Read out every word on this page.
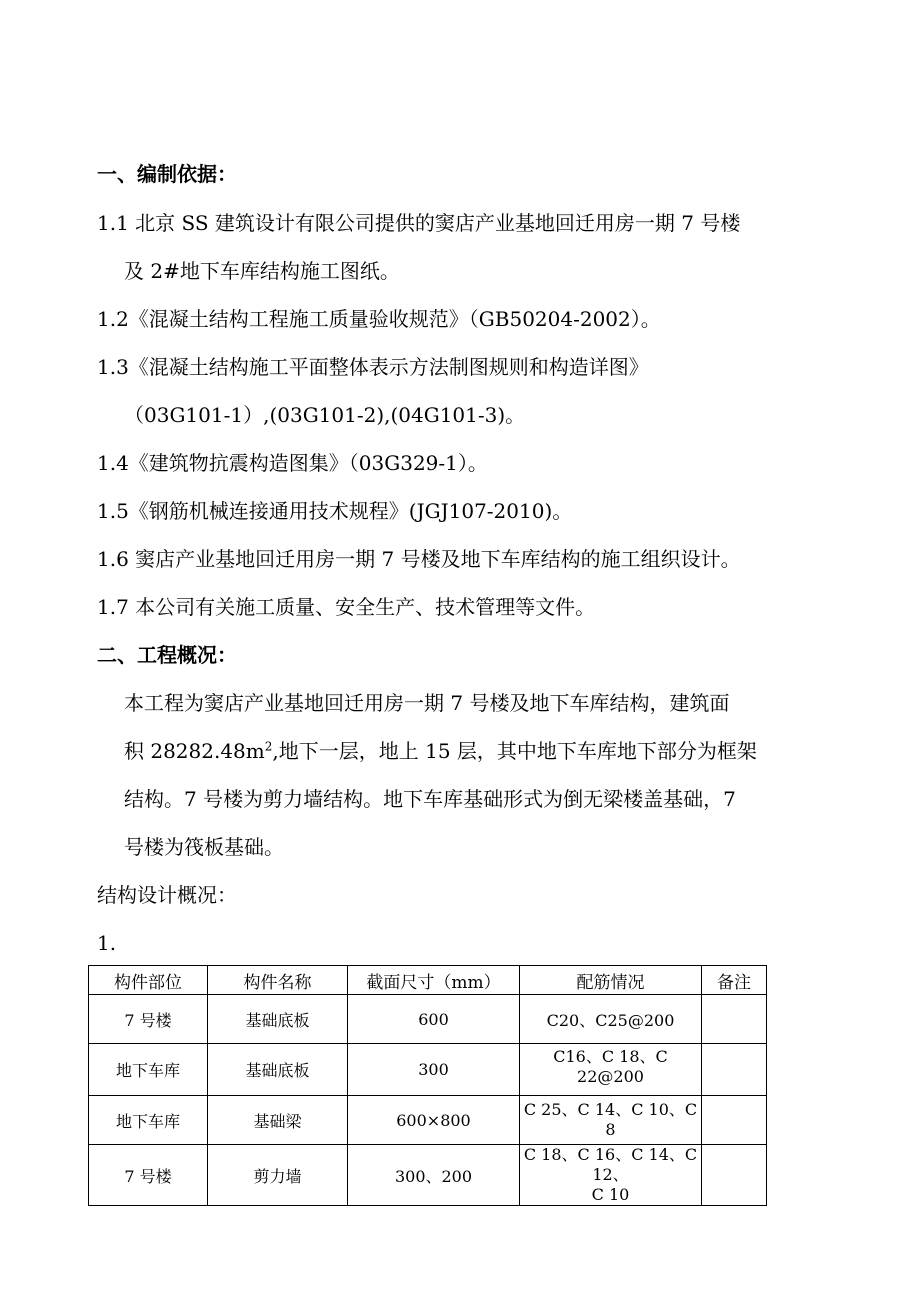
一、编制依据：
1.1 北京 SS 建筑设计有限公司提供的窦店产业基地回迁用房一期 7 号楼
及 2#地下车库结构施工图纸。
1.2《混凝土结构工程施工质量验收规范》（GB50204-2002）。
1.3《混凝土结构施工平面整体表示方法制图规则和构造详图》
（03G101-1）,(03G101-2),(04G101-3)。
1.4《建筑物抗震构造图集》（03G329-1）。
1.5《钢筋机械连接通用技术规程》(JGJ107-2010)。
1.6 窦店产业基地回迁用房一期 7 号楼及地下车库结构的施工组织设计。
1.7 本公司有关施工质量、安全生产、技术管理等文件。
二、工程概况：
本工程为窦店产业基地回迁用房一期 7 号楼及地下车库结构，建筑面
积 $28282.48m^2$,地下一层，地上 15 层，其中地下车库地下部分为框架
结构。7 号楼为剪力墙结构。地下车库基础形式为倒无梁楼盖基础，7
号楼为筏板基础。
结构设计概况：
1.
构件部位	构件名称	截面尺寸（mm）	配筋情况	备注
7 号楼	基础底板	600	C20、C25@200	
地下车库	基础底板	300	C16、C 18、C 22@200	
地下车库	基础梁	600×800	C 25、C 14、C 10、C 8	
7 号楼	剪力墙	300、200	C 18、C 16、C 14、C 12、
C 10	
